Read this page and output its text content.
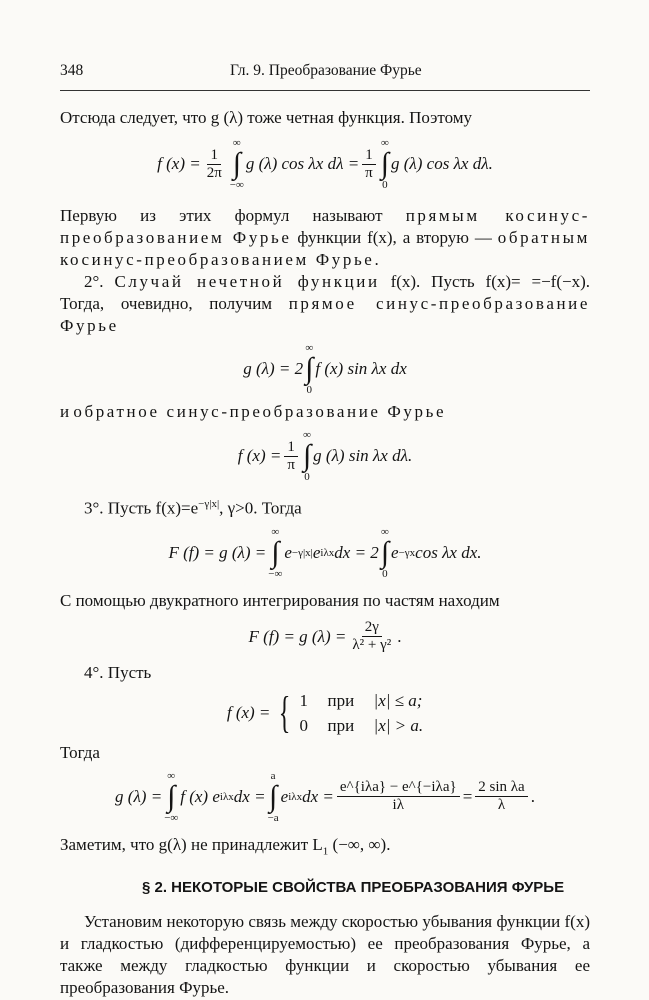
348	Гл. 9. Преобразование Фурье

Отсюда следует, что g (λ) тоже четная функция. Поэтому

f $(x) = \frac{1}{2\pi}$
∞
∫
−∞
g (λ) cos λx $d\lambda = \frac{1}{\pi}$
∞
∫
0
g (λ) cos λx dλ.

Первую из этих формул называют прямым косинус-преобразованием Фурье функции f(x), а вторую — обратным косинус-преобразованием Фурье.

2°. Случай нечетной функции f(x). Пусть f(x)= =−f(−x). Тогда, очевидно, получим прямое синус-преобразование Фурье

g (λ) = 2
∞
∫
0
f (x) sin λx dx

и обратное синус-преобразование Фурье

f $(x) = \frac{1}{\pi}$
∞
∫
0
g (λ) sin λx dλ.

3°. Пусть $f(x)=e^{-\gamma|x|}$, γ>0. Тогда

F (f) = g (λ) =
∞
∫
−∞
e −γ|x| e iλx dx = 2
∞
∫
0
e −γx cos λx dx.

С помощью двукратного интегрирования по частям находим

F (f) = g $(\lambda) = \frac{2\gamma}{\text{λ² + γ²}}$ .

4°. Пусть

f (x) = { 1	при	|x| ≤ a;
0	при	|x| > a.

Тогда

g (λ) =
∞
∫
−∞
f (x) e iλx dx =
a
∫
−a
e iλx dx = $\frac{\text{e\textasciicircum{}\{iλa\} − e\textasciicircum{}\{−iλa\}}}{i\lambda} = \frac{\text{2 sin λa}}{\lambda}$ .

Заметим, что g(λ) не принадлежит $L_1$ (−∞, ∞).

§ 2. НЕКОТОРЫЕ СВОЙСТВА ПРЕОБРАЗОВАНИЯ ФУРЬЕ

Установим некоторую связь между скоростью убывания функции f(x) и гладкостью (дифференцируемостью) ее преобразования Фурье, а также между гладкостью функции и скоростью убывания ее преобразования Фурье.
